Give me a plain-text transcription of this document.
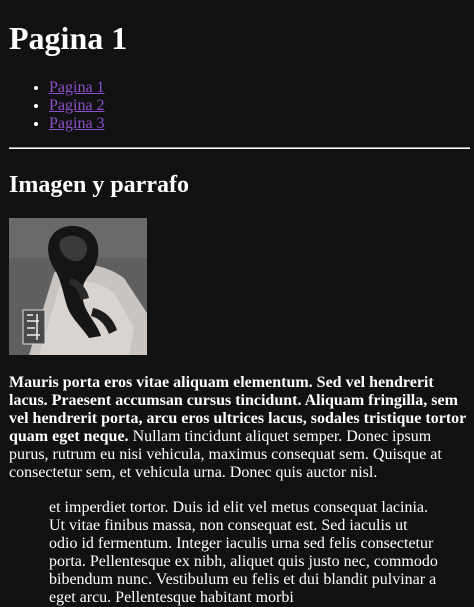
Pagina 1
• Pagina 1
• Pagina 2
• Pagina 3
Imagen y parrafo

Mauris porta eros vitae aliquam elementum. Sed vel hendrerit lacus. Praesent accumsan cursus tincidunt. Aliquam fringilla, sem vel hendrerit porta, arcu eros ultrices lacus, sodales tristique tortor quam eget neque. Nullam tincidunt aliquet semper. Donec ipsum purus, rutrum eu nisi vehicula, maximus consequat sem. Quisque at consectetur sem, et vehicula urna. Donec quis auctor nisl.

et imperdiet tortor. Duis id elit vel metus consequat lacinia. Ut vitae finibus massa, non consequat est. Sed iaculis ut odio id fermentum. Integer iaculis urna sed felis consectetur porta. Pellentesque ex nibh, aliquet quis justo nec, commodo bibendum nunc. Vestibulum eu felis et dui blandit pulvinar a eget arcu. Pellentesque habitant morbi
